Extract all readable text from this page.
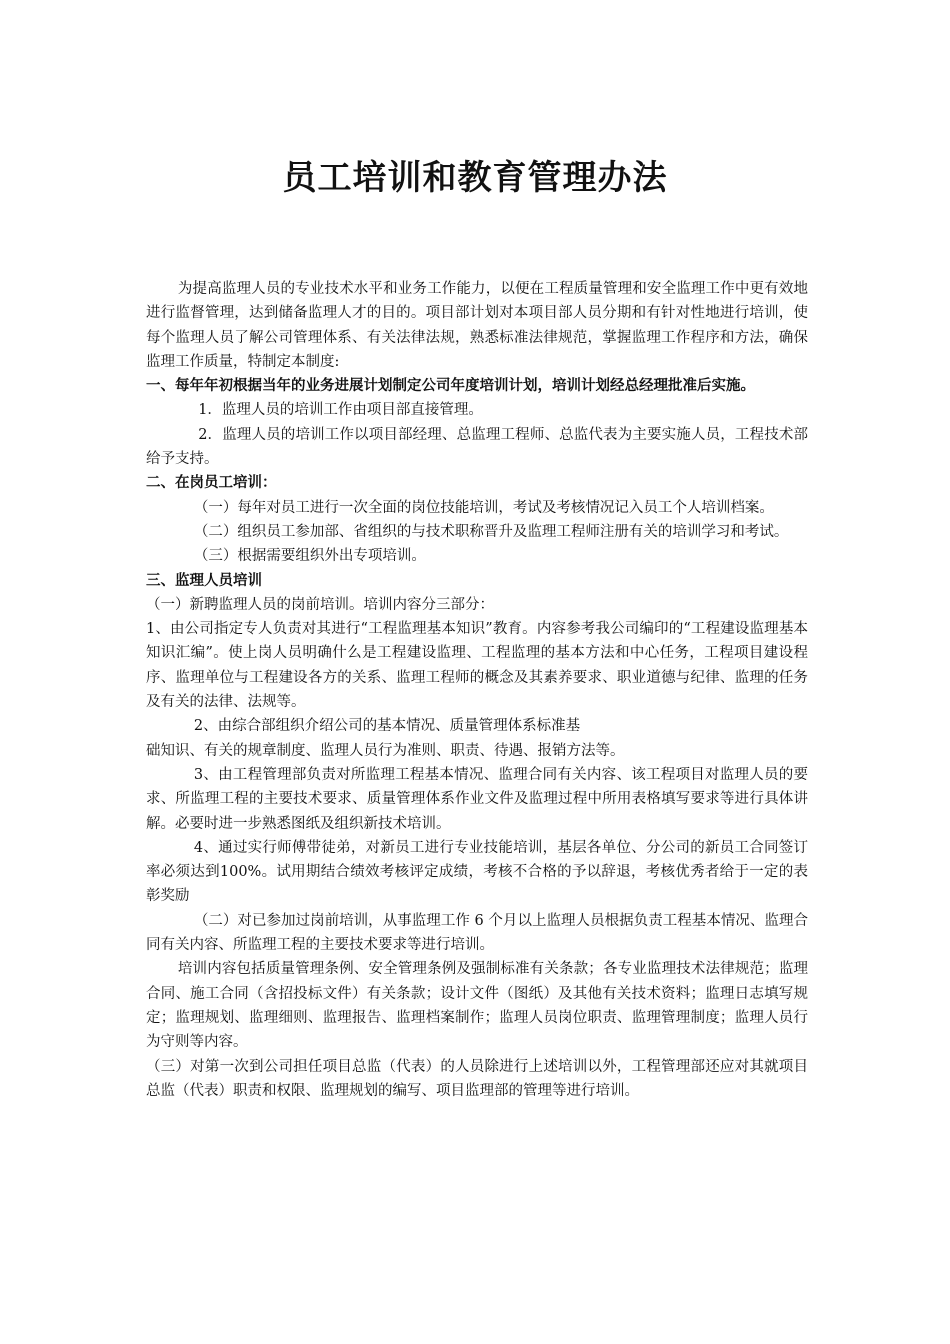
员工培训和教育管理办法

为提高监理人员的专业技术水平和业务工作能力，以便在工程质量管理和安全监理工作中更有效地进行监督管理，达到储备监理人才的目的。项目部计划对本项目部人员分期和有针对性地进行培训，使每个监理人员了解公司管理体系、有关法律法规，熟悉标准法律规范，掌握监理工作程序和方法，确保监理工作质量，特制定本制度:

一、每年年初根据当年的业务进展计划制定公司年度培训计划，培训计划经总经理批准后实施。

1．监理人员的培训工作由项目部直接管理。

2．监理人员的培训工作以项目部经理、总监理工程师、总监代表为主要实施人员，工程技术部给予支持。

二、在岗员工培训：

（一）每年对员工进行一次全面的岗位技能培训，考试及考核情况记入员工个人培训档案。

（二）组织员工参加部、省组织的与技术职称晋升及监理工程师注册有关的培训学习和考试。

（三）根据需要组织外出专项培训。

三、监理人员培训

（一）新聘监理人员的岗前培训。培训内容分三部分：

1、由公司指定专人负责对其进行“工程监理基本知识”教育。内容参考我公司编印的“工程建设监理基本知识汇编”。使上岗人员明确什么是工程建设监理、工程监理的基本方法和中心任务，工程项目建设程序、监理单位与工程建设各方的关系、监理工程师的概念及其素养要求、职业道德与纪律、监理的任务及有关的法律、法规等。

2、由综合部组织介绍公司的基本情况、质量管理体系标准基

础知识、有关的规章制度、监理人员行为准则、职责、待遇、报销方法等。

3、由工程管理部负责对所监理工程基本情况、监理合同有关内容、该工程项目对监理人员的要求、所监理工程的主要技术要求、质量管理体系作业文件及监理过程中所用表格填写要求等进行具体讲解。必要时进一步熟悉图纸及组织新技术培训。

4、通过实行师傅带徒弟，对新员工进行专业技能培训，基层各单位、分公司的新员工合同签订率必须达到100%。试用期结合绩效考核评定成绩，考核不合格的予以辞退，考核优秀者给于一定的表彰奖励

（二）对已参加过岗前培训，从事监理工作 6 个月以上监理人员根据负责工程基本情况、监理合同有关内容、所监理工程的主要技术要求等进行培训。

培训内容包括质量管理条例、安全管理条例及强制标准有关条款；各专业监理技术法律规范；监理合同、施工合同（含招投标文件）有关条款；设计文件（图纸）及其他有关技术资料；监理日志填写规定；监理规划、监理细则、监理报告、监理档案制作；监理人员岗位职责、监理管理制度；监理人员行为守则等内容。

（三）对第一次到公司担任项目总监（代表）的人员除进行上述培训以外，工程管理部还应对其就项目总监（代表）职责和权限、监理规划的编写、项目监理部的管理等进行培训。
